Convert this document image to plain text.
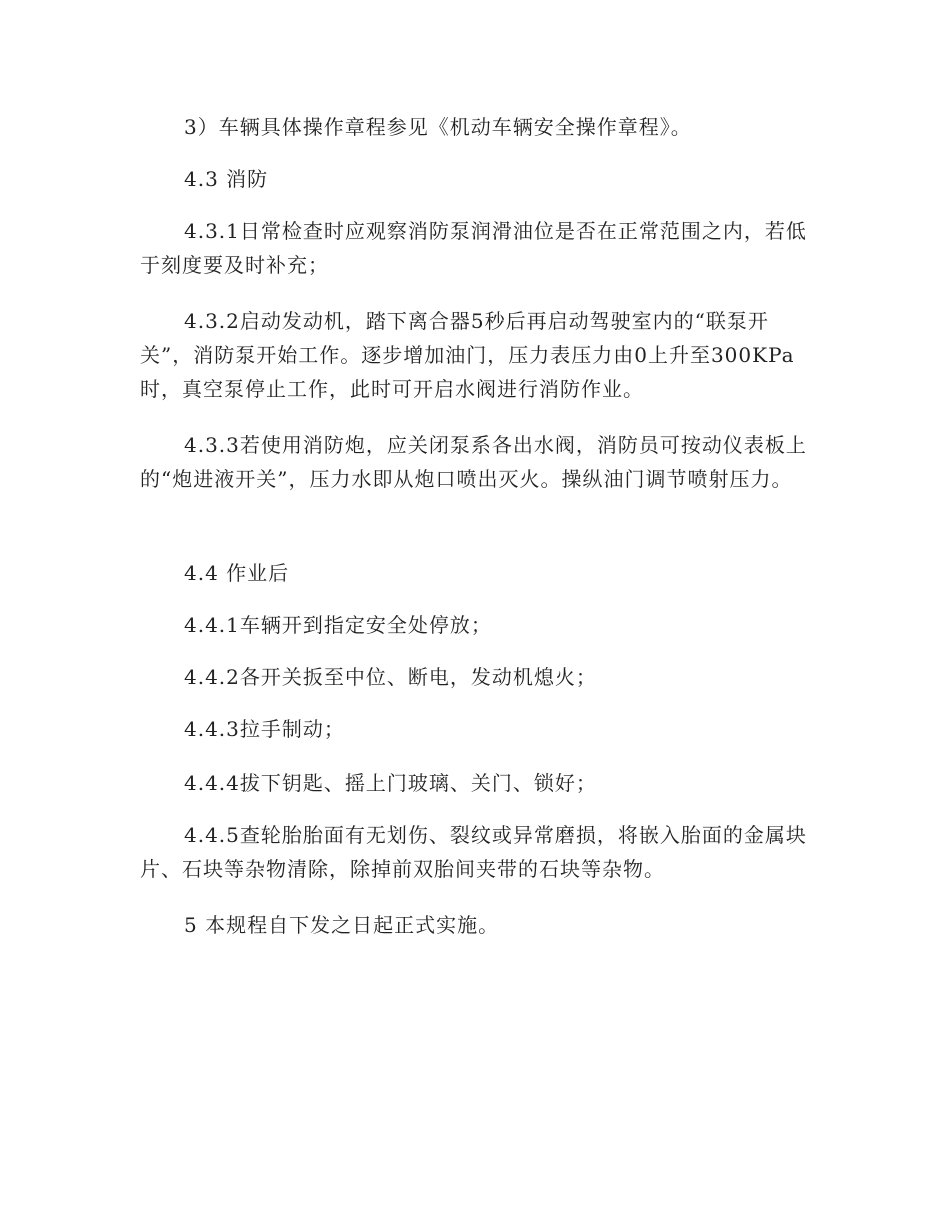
3）车辆具体操作章程参见《机动车辆安全操作章程》。

4.3 消防

4.3.1日常检查时应观察消防泵润滑油位是否在正常范围之内，若低于刻度要及时补充；

4.3.2启动发动机，踏下离合器5秒后再启动驾驶室内的“联泵开关”，消防泵开始工作。逐步增加油门，压力表压力由0上升至300KPa时，真空泵停止工作，此时可开启水阀进行消防作业。

4.3.3若使用消防炮，应关闭泵系各出水阀，消防员可按动仪表板上的“炮进液开关”，压力水即从炮口喷出灭火。操纵油门调节喷射压力。

4.4 作业后

4.4.1车辆开到指定安全处停放；

4.4.2各开关扳至中位、断电，发动机熄火；

4.4.3拉手制动；

4.4.4拔下钥匙、摇上门玻璃、关门、锁好；

4.4.5查轮胎胎面有无划伤、裂纹或异常磨损，将嵌入胎面的金属块片、石块等杂物清除，除掉前双胎间夹带的石块等杂物。

5 本规程自下发之日起正式实施。
